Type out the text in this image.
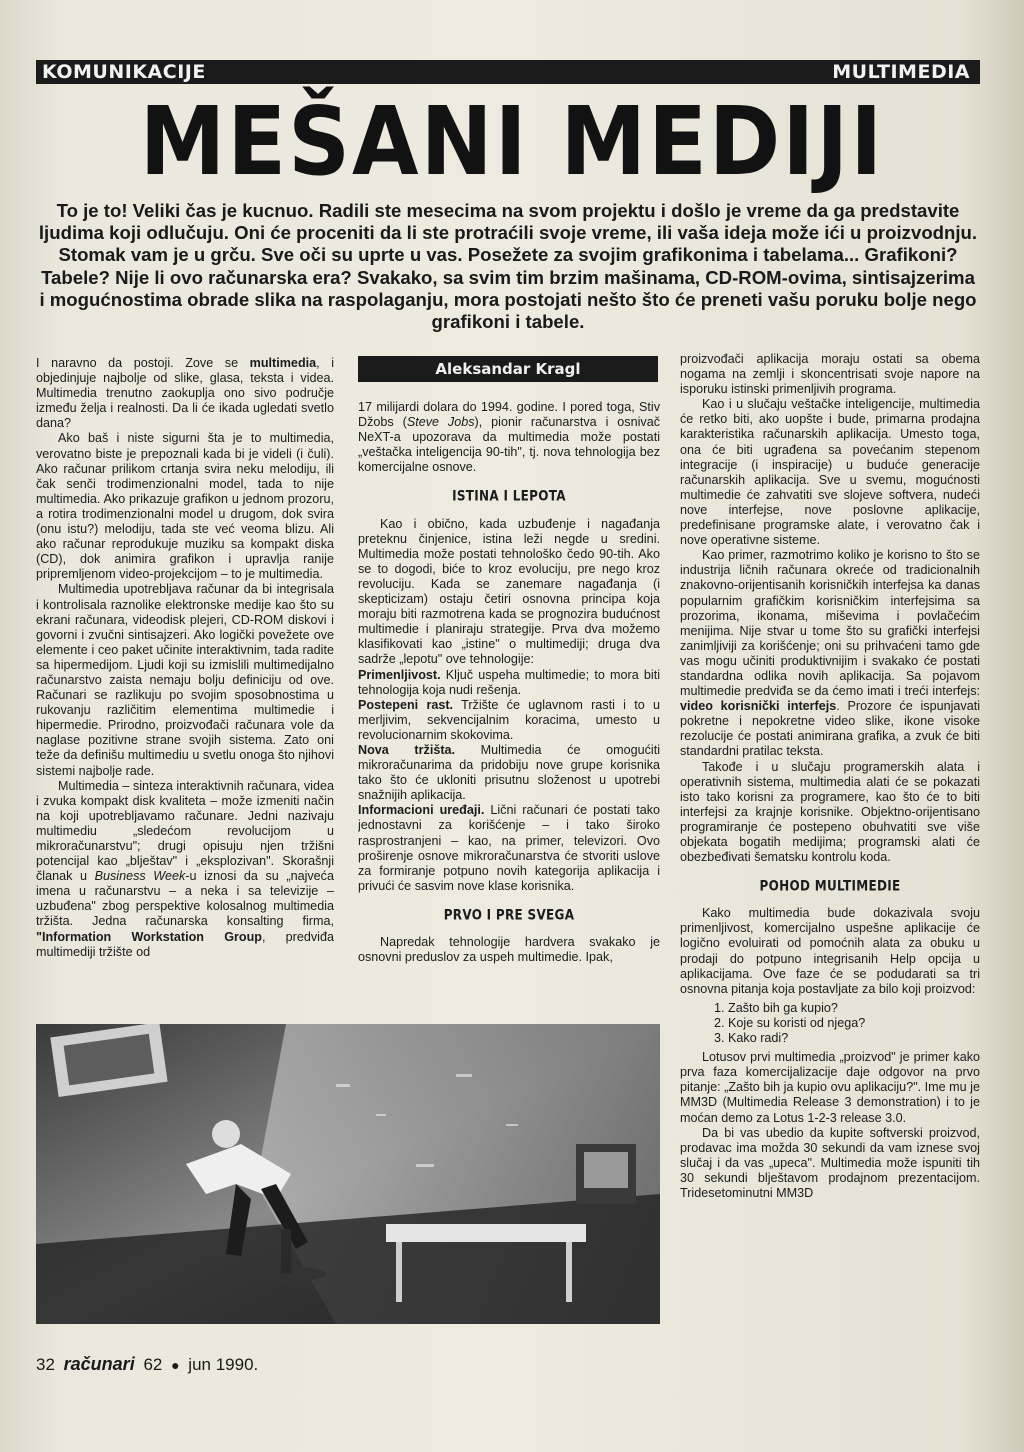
KOMUNIKACIJE	MULTIMEDIA
MEŠANI MEDIJI
To je to! Veliki čas je kucnuo. Radili ste mesecima na svom projektu i došlo je vreme da ga predstavite ljudima koji odlučuju. Oni će proceniti da li ste protraćili svoje vreme, ili vaša ideja može ići u proizvodnju. Stomak vam je u grču. Sve oči su uprte u vas. Posežete za svojim grafikonima i tabelama... Grafikoni? Tabele? Nije li ovo računarska era? Svakako, sa svim tim brzim mašinama, CD-ROM-ovima, sintisajzerima i mogućnostima obrade slika na raspolaganju, mora postojati nešto što će preneti vašu poruku bolje nego grafikoni i tabele.

I naravno da postoji. Zove se multimedia, i objedinjuje najbolje od slike, glasa, teksta i videa. Multimedia trenutno zaokuplja ono sivo područje između želja i realnosti. Da li će ikada ugledati svetlo dana?

Ako baš i niste sigurni šta je to multimedia, verovatno biste je prepoznali kada bi je videli (i čuli). Ako računar prilikom crtanja svira neku melodiju, ili čak senči trodimenzionalni model, tada to nije multimedia. Ako prikazuje grafikon u jednom prozoru, a rotira trodimenzionalni model u drugom, dok svira (onu istu?) melodiju, tada ste već veoma blizu. Ali ako računar reprodukuje muziku sa kompakt diska (CD), dok animira grafikon i upravlja ranije pripremljenom video-projekcijom – to je multimedia.

Multimedia upotrebljava računar da bi integrisala i kontrolisala raznolike elektronske medije kao što su ekrani računara, videodisk pleјeri, CD-ROM diskovi i govorni i zvučni sintisajzeri. Ako logički povežete ove elemente i ceo paket učinite interaktivnim, tada radite sa hipermedijom. Ljudi koji su izmislili multimedijalno računarstvo zaista nemaju bolju definiciju od ove. Računari se razlikuju po svojim sposobnostima u rukovanju različitim elementima multimedie i hipermedie. Prirodno, proizvođači računara vole da naglase pozitivne strane svojih sistema. Zato oni teže da definišu multimediu u svetlu onoga što njihovi sistemi najbolje rade.

Multimedia – sinteza interaktivnih računara, videa i zvuka kompakt disk kvaliteta – može izmeniti način na koji upotrebljavamo računare. Jedni nazivaju multimediu „sledećom revolucijom u mikroračunarstvu"; drugi opisuju njen tržišni potencijal kao „blještav" i „eksplozivan". Skorašnji članak u Business Week-u iznosi da su „najveća imena u računarstvu – a neka i sa televizije – uzbuđena" zbog perspektive kolosalnog multimedia tržišta. Jedna računarska konsalting firma, "Information Workstation Group, predviđa multimediji tržište od

Aleksandar Kragl

17 milijardi dolara do 1994. godine. I pored toga, Stiv Džobs (Steve Jobs), pionir računarstva i osnivač NeXT-a upozorava da multimedia može postati „veštačka inteligencija 90-tih", tj. nova tehnologija bez komercijalne osnove.

ISTINA I LEPOTA

Kao i obično, kada uzbuđenje i nagađanja preteknu činjenice, istina leži negde u sredini. Multimedia može postati tehnološko čedo 90-tih. Ako se to dogodi, biće to kroz evoluciju, pre nego kroz revoluciju. Kada se zanemare nagađanja (i skepticizam) ostaju četiri osnovna principa koja moraju biti razmotrena kada se prognozira budućnost multimedie i planiraju strategije. Prva dva možemo klasifikovati kao „istine" o multimediji; druga dva sadrže „lepotu" ove tehnologije:

Primenljivost. Ključ uspeha multimedie; to mora biti tehnologija koja nudi rešenja.

Postepeni rast. Tržište će uglavnom rasti i to u merljivim, sekvencijalnim koracima, umesto u revolucionarnim skokovima.

Nova tržišta. Multimedia će omogućiti mikroračunarima da pridobiju nove grupe korisnika tako što će ukloniti prisutnu složenost u upotrebi snažnijih aplikacija.

Informacioni uređaji. Lični računari će postati tako jednostavni za korišćenje – i tako široko rasprostranjeni – kao, na primer, televizori. Ovo proširenje osnove mikroračunarstva će stvoriti uslove za formiranje potpuno novih kategorija aplikacija i privući će sasvim nove klase korisnika.

PRVO I PRE SVEGA

Napredak tehnologije hardvera svakako je osnovni preduslov za uspeh multimedie. Ipak,

proizvođači aplikacija moraju ostati sa obema nogama na zemlji i skoncentrisati svoje napore na isporuku istinski primenljivih programa.

Kao i u slučaju veštačke inteligencije, multimedia će retko biti, ako uopšte i bude, primarna prodajna karakteristika računarskih aplikacija. Umesto toga, ona će biti ugrađena sa povećanim stepenom integracije (i inspiracije) u buduće generacije računarskih aplikacija. Sve u svemu, mogućnosti multimedie će zahvatiti sve slojeve softvera, nudeći nove interfejse, nove poslovne aplikacije, predefinisane programske alate, i verovatno čak i nove operativne sisteme.

Kao primer, razmotrimo koliko je korisno to što se industrija ličnih računara okreće od tradicionalnih znakovno-orijentisanih korisničkih interfejsa ka danas popularnim grafičkim korisničkim interfejsima sa prozorima, ikonama, miševima i povlačećim menijima. Nije stvar u tome što su grafički interfejsi zanimljiviji za korišćenje; oni su prihvaćeni tamo gde vas mogu učiniti produktivnijim i svakako će postati standardna odlika novih aplikacija. Sa pojavom multimedie predviđa se da ćemo imati i treći interfejs: video korisnički interfejs. Prozore će ispunjavati pokretne i nepokretne video slike, ikone visoke rezolucije će postati animirana grafika, a zvuk će biti standardni pratilac teksta.

Takođe i u slučaju programerskih alata i operativnih sistema, multimedia alati će se pokazati isto tako korisni za programere, kao što će to biti interfejsi za krajnje korisnike. Objektno-orijentisano programiranje će postepeno obuhvatiti sve više objekata bogatih medijima; programski alati će obezbeđivati šematsku kontrolu koda.

POHOD MULTIMEDIE

Kako multimedia bude dokazivala svoju primenljivost, komercijalno uspešne aplikacije će logično evoluirati od pomoćnih alata za obuku u prodaji do potpuno integrisanih Help opcija u aplikacijama. Ove faze će se podudarati sa tri osnovna pitanja koja postavljate za bilo koji proizvod:

1. Zašto bih ga kupio?
2. Koje su koristi od njega?
3. Kako radi?

Lotusov prvi multimedia „proizvod" je primer kako prva faza komercijalizacije daje odgovor na prvo pitanje: „Zašto bih ja kupio ovu aplikaciju?". Ime mu je MM3D (Multimedia Release 3 demonstration) i to je moćan demo za Lotus 1-2-3 release 3.0.

Da bi vas ubedio da kupite softverski proizvod, prodavac ima možda 30 sekundi da vam iznese svoj slučaj i da vas „upeca". Multimedia može ispuniti tih 30 sekundi blještavom prodajnom prezentacijom. Tridesetominutni MM3D

32 računari 62 ● jun 1990.
